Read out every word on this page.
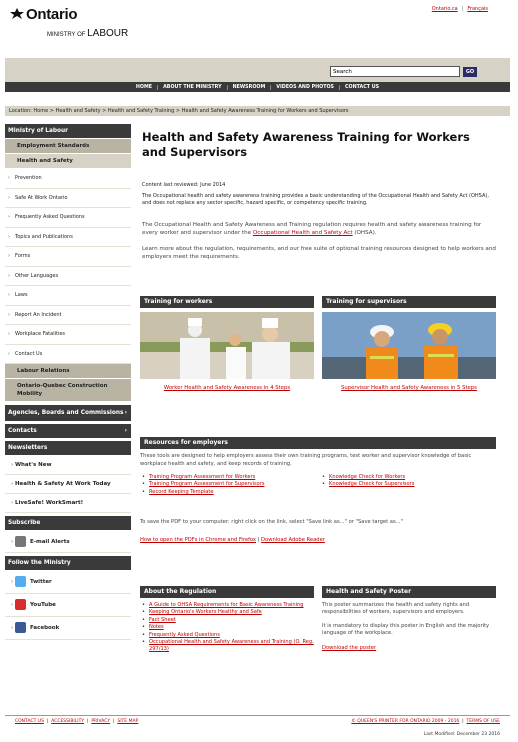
Ontario
MINISTRY OF LABOUR
Ontario.ca | Français
Search
GO
HOME ABOUT THE MINISTRY NEWSROOM VIDEOS AND PHOTOS CONTACT US
Location: Home > Health and Safety > Health and Safety Training > Health and Safety Awareness Training for Workers and Supervisors
Ministry of Labour
Employment Standards
Health and Safety
› Prevention
› Safe At Work Ontario
› Frequently Asked Questions
› Topics and Publications
› Forms
› Other Languages
› Laws
› Report An Incident
› Workplace Fatalities
› Contact Us
Labour Relations
Ontario-Quebec Construction Mobility
Agencies, Boards and Commissions ›
Contacts	›
Newsletters
› What's New
› Health & Safety At Work Today
› LiveSafe! WorkSmart!
Subscribe
›	E-mail Alerts
Follow the Ministry
›	Twitter
›	YouTube
›	Facebook
Health and Safety Awareness Training for Workers and Supervisors
Content last reviewed: June 2014
The Occupational health and safety awareness training provides a basic understanding of the Occupational Health and Safety Act (OHSA), and does not replace any sector specific, hazard specific, or competency specific training.
The Occupational Health and Safety Awareness and Training regulation requires health and safety awareness training for every worker and supervisor under the Occupational Health and Safety Act (OHSA).
Learn more about the regulation, requirements, and our free suite of optional training resources designed to help workers and employers meet the requirements.
Training for workers
Worker Health and Safety Awareness in 4 Steps
Training for supervisors
Supervisor Health and Safety Awareness in 5 Steps
Resources for employers
These tools are designed to help employers assess their own training programs, test worker and supervisor knowledge of basic workplace health and safety, and keep records of training.
• Training Program Assessment for Workers
• Training Program Assessment for Supervisors
• Record Keeping Template
• Knowledge Check for Workers
• Knowledge Check for Supervisors
To save the PDF to your computer: right click on the link, select "Save link as..." or "Save target as..."
How to open the PDFs in Chrome and Firefox | Download Adobe Reader
About the Regulation
• A Guide to OHSA Requirements for Basic Awareness Training
• Keeping Ontario's Workers Healthy and Safe
• Fact Sheet
• Notes
• Frequently Asked Questions
• Occupational Health and Safety Awareness and Training (O. Reg. 297/13)
Health and Safety Poster
This poster summarizes the health and safety rights and responsibilities of workers, supervisors and employers.
It is mandatory to display this poster in English and the majority language of the workplace.
Download the poster
CONTACT US  |  ACCESSIBILITY  |  PRIVACY  |  SITE MAP	© QUEEN'S PRINTER FOR ONTARIO 2009 - 2016  |  TERMS OF USE
Last Modified: December 23 2016
